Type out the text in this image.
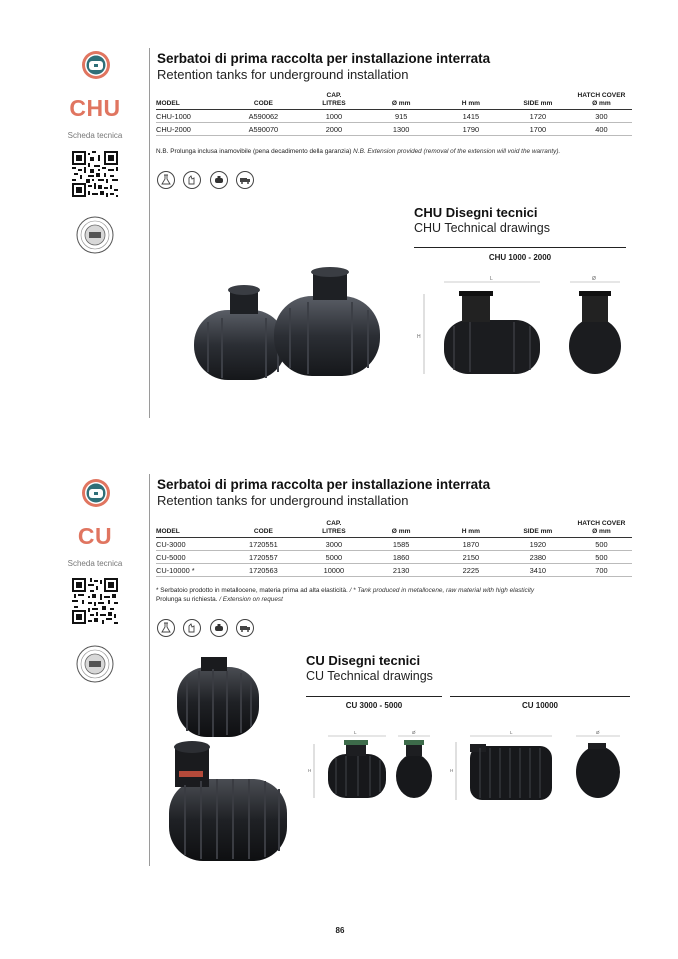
CHU
Scheda tecnica
Serbatoi di prima raccolta per installazione interrata
Retention tanks for underground installation
MODEL	CODE	CAP.
LITRES	Ø mm	H mm	SIDE mm	HATCH COVER
Ø mm
CHU-1000	A590062	1000	915	1415	1720	300
CHU-2000	A590070	2000	1300	1790	1700	400
N.B. Prolunga inclusa inamovibile (pena decadimento della garanzia) N.B. Extension provided (removal of the extension will void the warranty).

CHU Disegni tecnici
CHU Technical drawings
CHU 1000 - 2000
L
H
Ø
CU
Scheda tecnica
Serbatoi di prima raccolta per installazione interrata
Retention tanks for underground installation
MODEL	CODE	CAP.
LITRES	Ø mm	H mm	SIDE mm	HATCH COVER
Ø mm
CU-3000	1720551	3000	1585	1870	1920	500
CU-5000	1720557	5000	1860	2150	2380	500
CU-10000 *	1720563	10000	2130	2225	3410	700
* Serbatoio prodotto in metallocene, materia prima ad alta elasticità. / * Tank produced in metallocene, raw material with high elasticity
Prolunga su richiesta. / Extension on request

CU Disegni tecnici
CU Technical drawings
CU 3000 - 5000	CU 10000
L
H
Ø	L
H
Ø
86
